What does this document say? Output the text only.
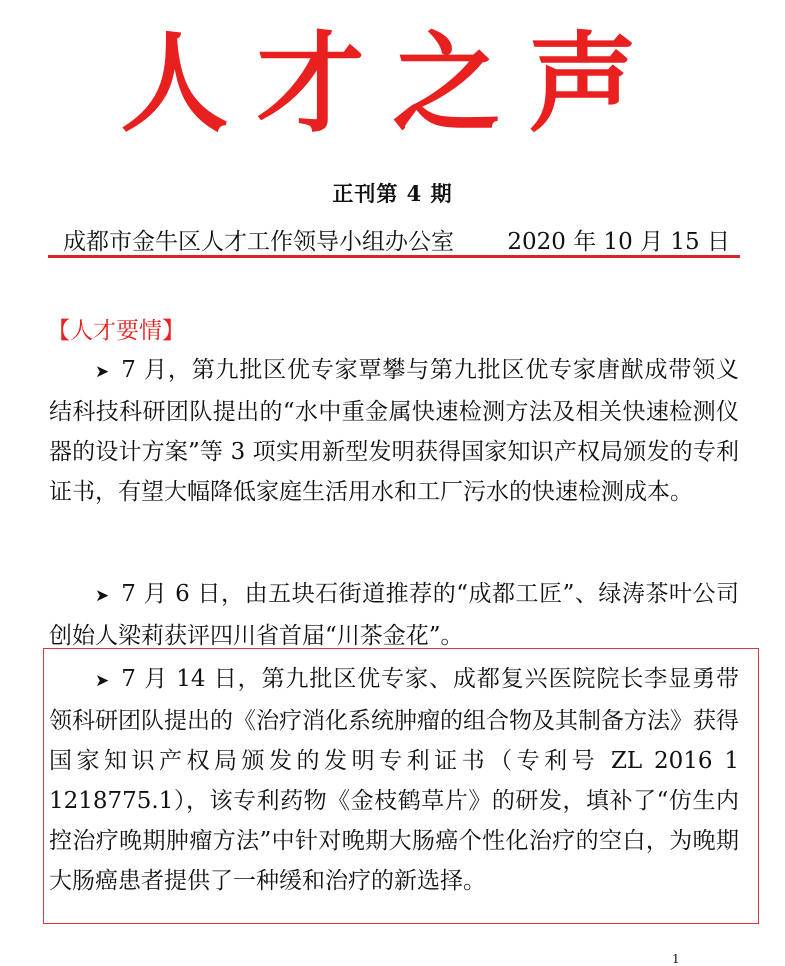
人才之声
正刊第 4 期
成都市金牛区人才工作领导小组办公室 2020 年 10 月 15 日
【人才要情】

➤ 7 月，第九批区优专家覃攀与第九批区优专家唐猷成带领义结科技科研团队提出的“水中重金属快速检测方法及相关快速检测仪器的设计方案”等 3 项实用新型发明获得国家知识产权局颁发的专利证书，有望大幅降低家庭生活用水和工厂污水的快速检测成本。

➤ 7 月 6 日，由五块石街道推荐的“成都工匠”、绿涛茶叶公司创始人梁莉获评四川省首届“川茶金花”。

➤ 7 月 14 日，第九批区优专家、成都复兴医院院长李显勇带领科研团队提出的《治疗消化系统肿瘤的组合物及其制备方法》获得国家知识产权局颁发的发明专利证书（专利号 ZL 2016 1 1218775.1），该专利药物《金枝鹤草片》的研发，填补了“仿生内控治疗晚期肿瘤方法”中针对晚期大肠癌个性化治疗的空白，为晚期大肠癌患者提供了一种缓和治疗的新选择。

1
